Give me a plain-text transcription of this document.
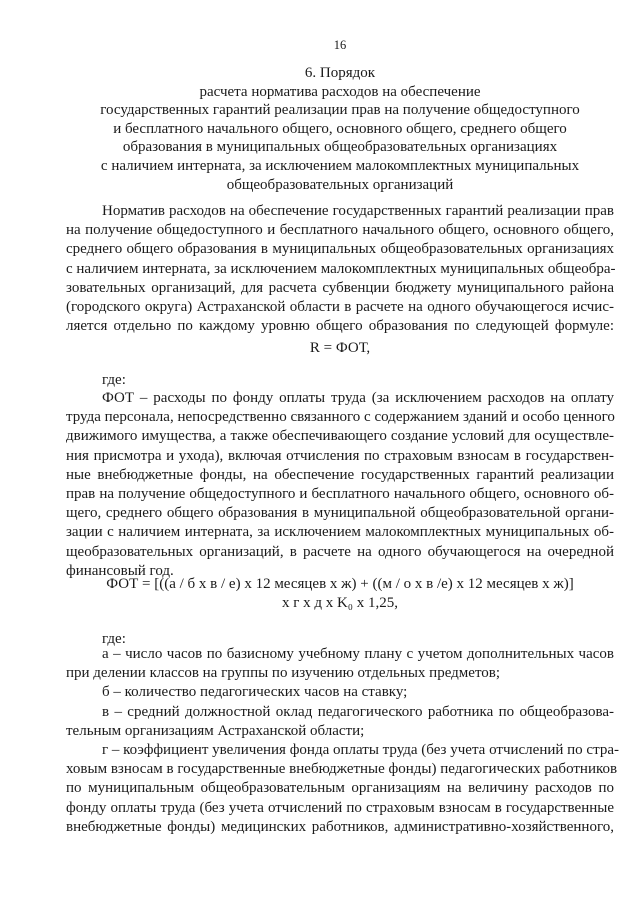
16
6. Порядок
расчета норматива расходов на обеспечение
государственных гарантий реализации прав на получение общедоступного
и бесплатного начального общего, основного общего, среднего общего
образования в муниципальных общеобразовательных организациях
с наличием интерната, за исключением малокомплектных муниципальных
общеобразовательных организаций
Норматив расходов на обеспечение государственных гарантий реализации прав
на получение общедоступного и бесплатного начального общего, основного общего,
среднего общего образования в муниципальных общеобразовательных организациях
с наличием интерната, за исключением малокомплектных муниципальных общеобра-
зовательных организаций, для расчета субвенции бюджету муниципального района
(городского округа) Астраханской области в расчете на одного обучающегося исчис-
ляется отдельно по каждому уровню общего образования по следующей формуле:
R = ФОТ,
где:
ФОТ – расходы по фонду оплаты труда (за исключением расходов на оплату
труда персонала, непосредственно связанного с содержанием зданий и особо ценного
движимого имущества, а также обеспечивающего создание условий для осуществле-
ния присмотра и ухода), включая отчисления по страховым взносам в государствен-
ные внебюджетные фонды, на обеспечение государственных гарантий реализации
прав на получение общедоступного и бесплатного начального общего, основного об-
щего, среднего общего образования в муниципальной общеобразовательной органи-
зации с наличием интерната, за исключением малокомплектных муниципальных об-
щеобразовательных организаций, в расчете на одного обучающегося на очередной
финансовый год.
ФОТ = [((а / б х в / е) х 12 месяцев х ж) + ((м / о х в /е) х 12 месяцев х ж)]
х г х д х K₀ х 1,25,
где:
а – число часов по базисному учебному плану с учетом дополнительных часов
при делении классов на группы по изучению отдельных предметов;
б – количество педагогических часов на ставку;
в – средний должностной оклад педагогического работника по общеобразова-
тельным организациям Астраханской области;
г – коэффициент увеличения фонда оплаты труда (без учета отчислений по стра-
ховым взносам в государственные внебюджетные фонды) педагогических работников
по муниципальным общеобразовательным организациям на величину расходов по
фонду оплаты труда (без учета отчислений по страховым взносам в государственные
внебюджетные фонды) медицинских работников, административно-хозяйственного,
